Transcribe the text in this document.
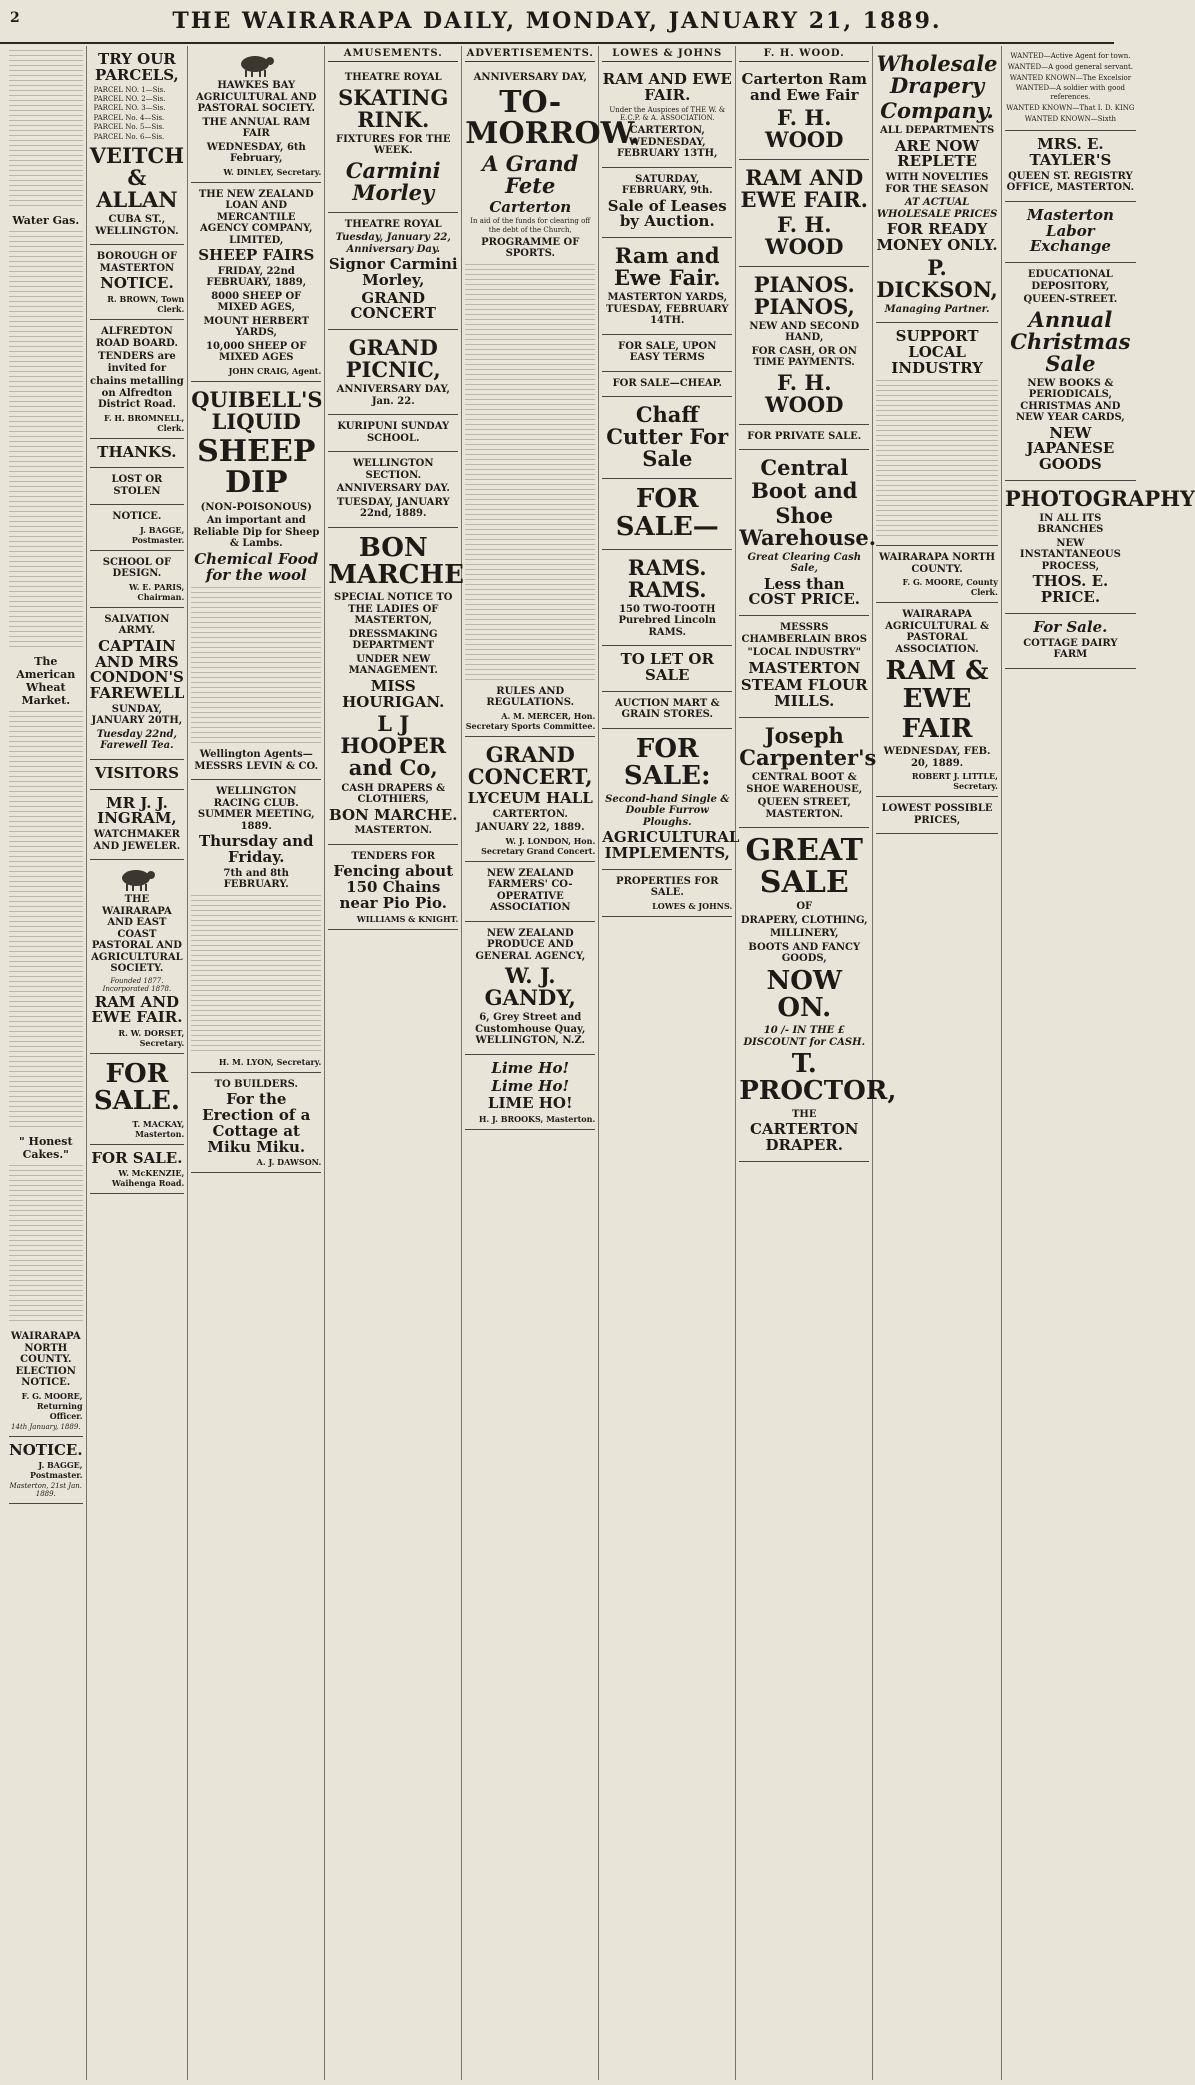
2	THE WAIRARAPA DAILY, MONDAY, JANUARY 21, 1889.
Water Gas.
The American Wheat Market.
" Honest Cakes."
WAIRARAPA NORTH COUNTY. ELECTION NOTICE.
F. G. MOORE, Returning Officer.
14th January, 1889.
NOTICE.
J. BAGGE, Postmaster.
Masterton, 21st Jan. 1889.
TRY OUR PARCELS,
PARCEL NO. 1—Sis.
PARCEL NO. 2—Sis.
PARCEL NO. 3—Sis.
PARCEL No. 4—Sis.
PARCEL No. 5—Sis.
PARCEL No. 6—Sis.
VEITCH & ALLAN
CUBA ST., WELLINGTON.
BOROUGH OF MASTERTON
NOTICE.
R. BROWN, Town Clerk.
ALFREDTON ROAD BOARD.
TENDERS are invited for
chains metalling on Alfredton District Road.
F. H. BROMNELL, Clerk.
THANKS.
LOST OR STOLEN
NOTICE.
J. BAGGE, Postmaster.
SCHOOL OF DESIGN.
W. E. PARIS, Chairman.
SALVATION ARMY.
CAPTAIN AND MRS CONDON'S FAREWELL
SUNDAY, JANUARY 20TH,
Tuesday 22nd, Farewell Tea.
VISITORS
MR J. J. INGRAM,
WATCHMAKER AND JEWELER.
THE WAIRARAPA AND EAST COAST PASTORAL AND AGRICULTURAL SOCIETY.
Founded 1877. Incorporated 1878.
RAM AND EWE FAIR.
R. W. DORSET, Secretary.
FOR SALE.
T. MACKAY, Masterton.
FOR SALE.
W. McKENZIE, Waihenga Road.
HAWKES BAY AGRICULTURAL AND PASTORAL SOCIETY.
THE ANNUAL RAM FAIR
WEDNESDAY, 6th February,
W. DINLEY, Secretary.
THE NEW ZEALAND LOAN AND MERCANTILE AGENCY COMPANY, LIMITED,
SHEEP FAIRS
FRIDAY, 22nd FEBRUARY, 1889,
8000 SHEEP OF MIXED AGES,
MOUNT HERBERT YARDS,
10,000 SHEEP OF MIXED AGES
JOHN CRAIG, Agent.
QUIBELL'S LIQUID
SHEEP DIP
(NON-POISONOUS)
An important and Reliable Dip for Sheep & Lambs.
Chemical Food for the wool
Wellington Agents—MESSRS LEVIN & CO.
WELLINGTON RACING CLUB. SUMMER MEETING, 1889.
Thursday and Friday.
7th and 8th FEBRUARY.
H. M. LYON, Secretary.
TO BUILDERS.
For the Erection of a Cottage at Miku Miku.
A. J. DAWSON.
AMUSEMENTS.
THEATRE ROYAL
SKATING RINK.
FIXTURES FOR THE WEEK.
Carmini Morley
THEATRE ROYAL
Tuesday, January 22, Anniversary Day.
Signor Carmini Morley,
GRAND CONCERT
GRAND PICNIC,
ANNIVERSARY DAY, Jan. 22.
KURIPUNI SUNDAY SCHOOL.
WELLINGTON SECTION.
ANNIVERSARY DAY.
TUESDAY, JANUARY 22nd, 1889.
BON MARCHE
SPECIAL NOTICE TO THE LADIES OF MASTERTON,
DRESSMAKING DEPARTMENT
UNDER NEW MANAGEMENT.
MISS HOURIGAN.
L J HOOPER and Co,
CASH DRAPERS & CLOTHIERS,
BON MARCHE.
MASTERTON.
TENDERS FOR
Fencing about 150 Chains near Pio Pio.
WILLIAMS & KNIGHT.
ADVERTISEMENTS.
ANNIVERSARY DAY,
TO-MORROW.
A Grand Fete
Carterton

In aid of the funds for clearing off the debt of the Church,

PROGRAMME OF SPORTS.
RULES AND REGULATIONS.
A. M. MERCER, Hon. Secretary Sports Committee.
GRAND CONCERT,
LYCEUM HALL
CARTERTON.
JANUARY 22, 1889.
W. J. LONDON, Hon. Secretary Grand Concert.
NEW ZEALAND FARMERS' CO-OPERATIVE ASSOCIATION
NEW ZEALAND PRODUCE AND GENERAL AGENCY,
W. J. GANDY,
6, Grey Street and Customhouse Quay, WELLINGTON, N.Z.
Lime Ho!
Lime Ho!
LIME HO!
H. J. BROOKS, Masterton.
LOWES & JOHNS
RAM AND EWE FAIR.

Under the Auspices of THE W. & E.C.P. & A. ASSOCIATION.

CARTERTON, WEDNESDAY, FEBRUARY 13TH,
SATURDAY, FEBRUARY, 9th.
Sale of Leases by Auction.
Ram and Ewe Fair.
MASTERTON YARDS, TUESDAY, FEBRUARY 14TH.
FOR SALE, UPON EASY TERMS
FOR SALE—CHEAP.
Chaff Cutter For Sale
FOR SALE—
RAMS. RAMS.
150 TWO-TOOTH Purebred Lincoln RAMS.
TO LET OR SALE
AUCTION MART & GRAIN STORES.
FOR SALE:
Second-hand Single & Double Furrow Ploughs.
AGRICULTURAL IMPLEMENTS,
PROPERTIES FOR SALE.
LOWES & JOHNS.
F. H. WOOD.
Carterton Ram and Ewe Fair
F. H. WOOD
RAM AND EWE FAIR.
F. H. WOOD
PIANOS. PIANOS,
NEW AND SECOND HAND,
FOR CASH, OR ON TIME PAYMENTS.
F. H. WOOD
FOR PRIVATE SALE.
Central Boot and
Shoe Warehouse.
Great Clearing Cash Sale,
Less than COST PRICE.
MESSRS CHAMBERLAIN BROS
"LOCAL INDUSTRY"
MASTERTON
STEAM FLOUR MILLS.
Joseph Carpenter's
CENTRAL BOOT & SHOE WAREHOUSE,
QUEEN STREET, MASTERTON.
GREAT SALE
OF
DRAPERY, CLOTHING,
MILLINERY,
BOOTS AND FANCY GOODS,
NOW ON.
10 /- IN THE £ DISCOUNT for CASH.
T. PROCTOR,
THE
CARTERTON DRAPER.
Wholesale Drapery
Company.
ALL DEPARTMENTS
ARE NOW REPLETE
WITH NOVELTIES FOR THE SEASON
AT ACTUAL WHOLESALE PRICES
FOR READY MONEY ONLY.
P. DICKSON,
Managing Partner.
SUPPORT LOCAL INDUSTRY
WAIRARAPA NORTH COUNTY.
F. G. MOORE, County Clerk.
WAIRARAPA AGRICULTURAL & PASTORAL ASSOCIATION.
RAM & EWE
FAIR
WEDNESDAY, FEB. 20, 1889.
ROBERT J. LITTLE, Secretary.
LOWEST POSSIBLE PRICES,

WANTED—Active Agent for town.

WANTED—A good general servant.

WANTED KNOWN—The Excelsior

WANTED—A soldier with good references.

WANTED KNOWN—That I. D. KING

WANTED KNOWN—Sixth

MRS. E. TAYLER'S
QUEEN ST. REGISTRY OFFICE, MASTERTON.
Masterton Labor Exchange
EDUCATIONAL DEPOSITORY,
QUEEN-STREET.
Annual Christmas Sale
NEW BOOKS & PERIODICALS, CHRISTMAS AND NEW YEAR CARDS,
NEW JAPANESE GOODS
PHOTOGRAPHY
IN ALL ITS BRANCHES
NEW INSTANTANEOUS PROCESS,
THOS. E. PRICE.
For Sale.
COTTAGE DAIRY FARM
